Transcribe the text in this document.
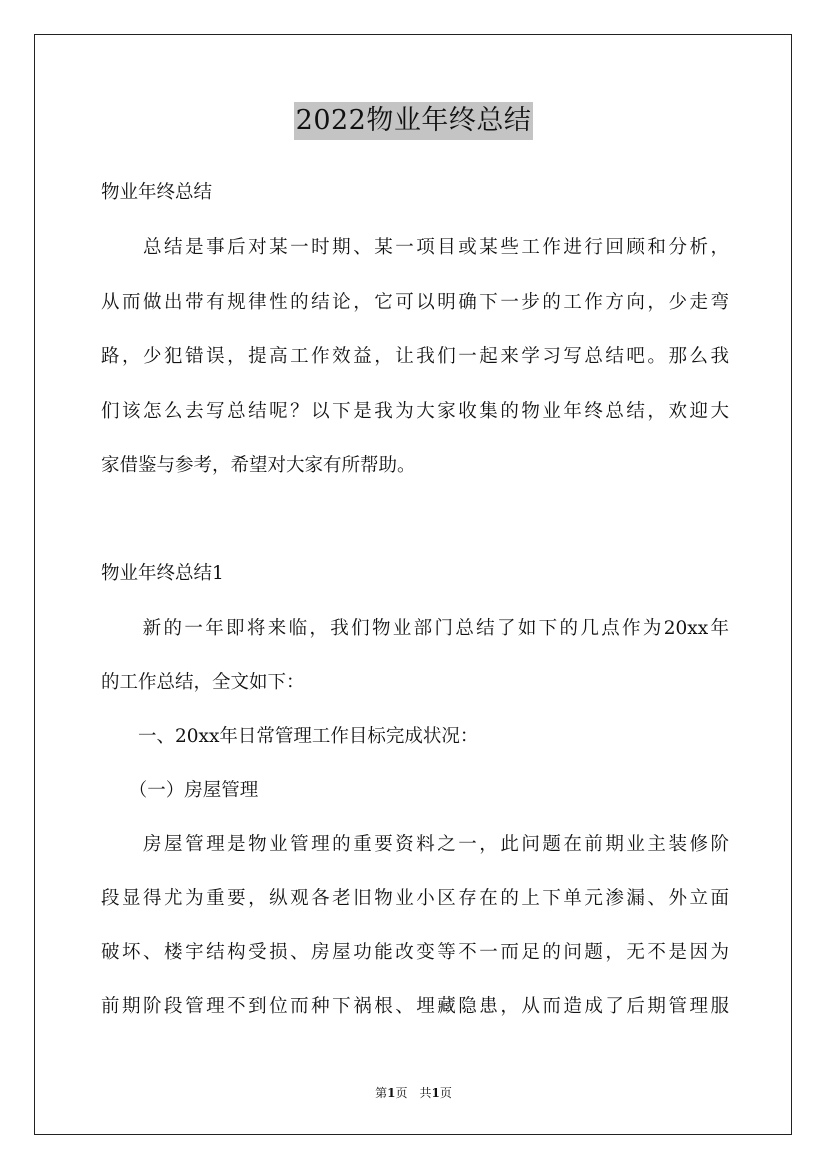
2022物业年终总结
物业年终总结
　　总结是事后对某一时期、某一项目或某些工作进行回顾和分析，
从而做出带有规律性的结论，它可以明确下一步的工作方向，少走弯
路，少犯错误，提高工作效益，让我们一起来学习写总结吧。那么我
们该怎么去写总结呢？以下是我为大家收集的物业年终总结，欢迎大
家借鉴与参考，希望对大家有所帮助。
物业年终总结1
　　新的一年即将来临，我们物业部门总结了如下的几点作为20xx年
的工作总结，全文如下：
　　一、20xx年日常管理工作目标完成状况：
　　（一）房屋管理
　　房屋管理是物业管理的重要资料之一，此问题在前期业主装修阶
段显得尤为重要，纵观各老旧物业小区存在的上下单元渗漏、外立面
破坏、楼宇结构受损、房屋功能改变等不一而足的问题，无不是因为
前期阶段管理不到位而种下祸根、埋藏隐患，从而造成了后期管理服
第1页　共1页
